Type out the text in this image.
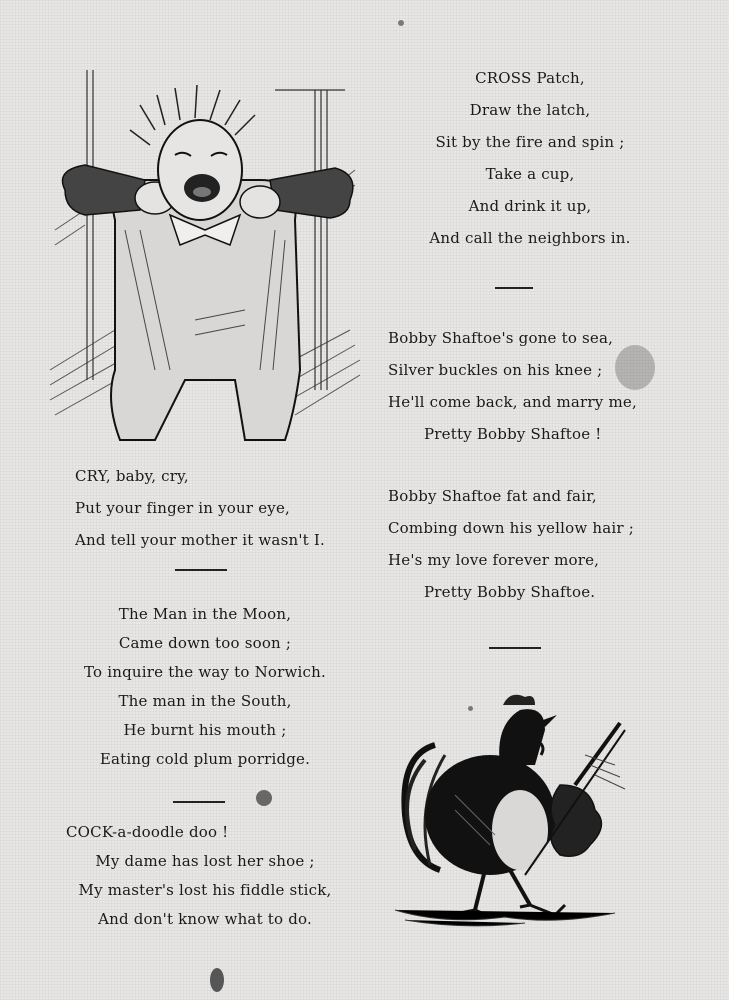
CROSS Patch,
Draw the latch,
Sit by the fire and spin ;
Take a cup,
And drink it up,
And call the neighbors in.
Bobby Shaftoe's gone to sea,
Silver buckles on his knee ;
He'll come back, and marry me,
Pretty Bobby Shaftoe !
Bobby Shaftoe fat and fair,
Combing down his yellow hair ;
He's my love forever more,
Pretty Bobby Shaftoe.
CRY, baby, cry,
Put your finger in your eye,
And tell your mother it wasn't I.
The Man in the Moon,
Came down too soon ;
To inquire the way to Norwich.
The man in the South,
He burnt his mouth ;
Eating cold plum porridge.
COCK-a-doodle doo !
My dame has lost her shoe ;
My master's lost his fiddle stick,
And don't know what to do.
